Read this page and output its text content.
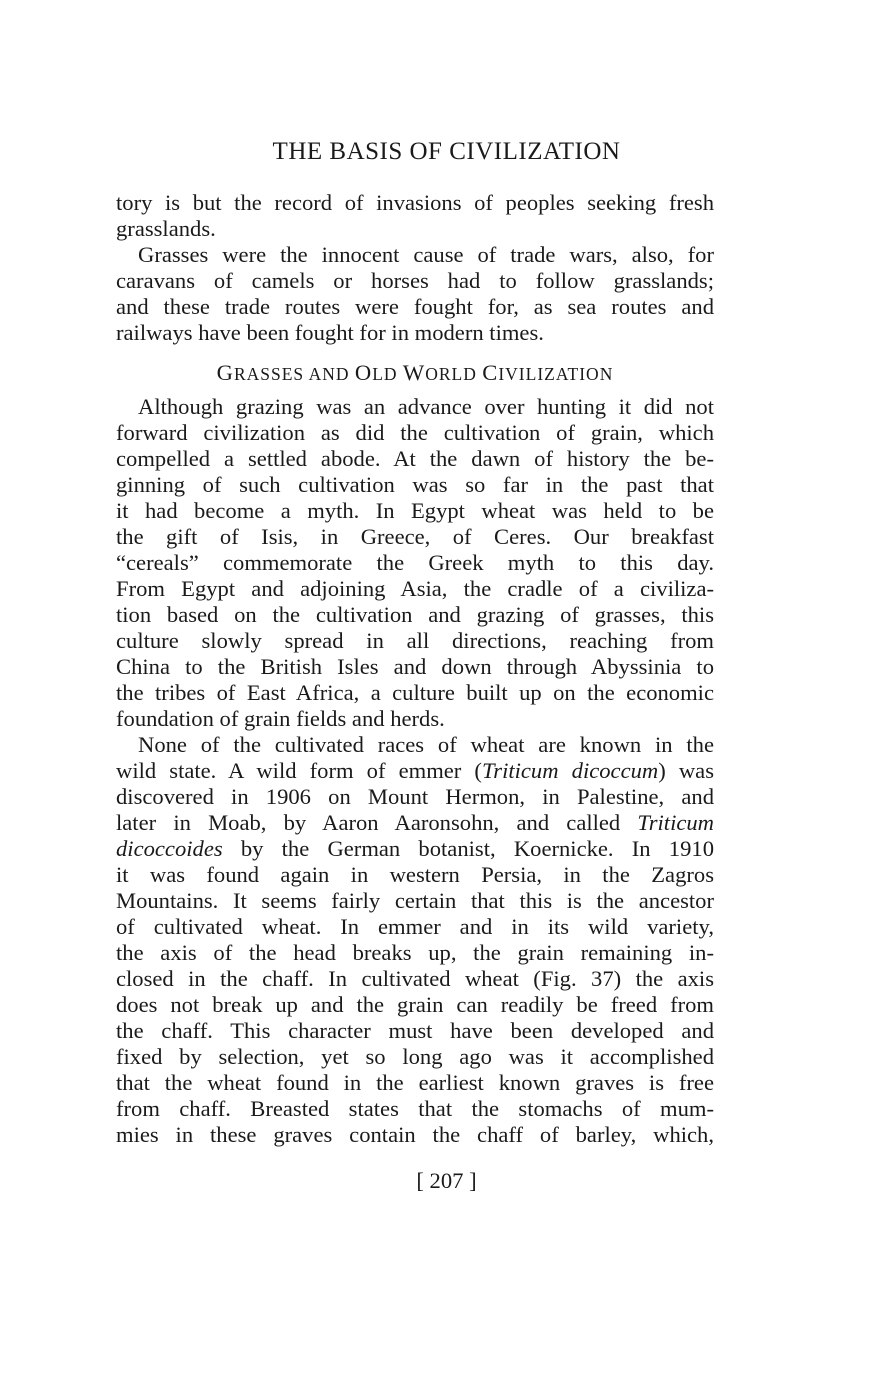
THE BASIS OF CIVILIZATION
tory is but the record of invasions of peoples seeking fresh
grasslands.
Grasses were the innocent cause of trade wars, also, for
caravans of camels or horses had to follow grasslands;
and these trade routes were fought for, as sea routes and
railways have been fought for in modern times.
GRASSES AND OLD WORLD CIVILIZATION
Although grazing was an advance over hunting it did not
forward civilization as did the cultivation of grain, which
compelled a settled abode. At the dawn of history the be-
ginning of such cultivation was so far in the past that
it had become a myth. In Egypt wheat was held to be
the gift of Isis, in Greece, of Ceres. Our breakfast
“cereals” commemorate the Greek myth to this day.
From Egypt and adjoining Asia, the cradle of a civiliza-
tion based on the cultivation and grazing of grasses, this
culture slowly spread in all directions, reaching from
China to the British Isles and down through Abyssinia to
the tribes of East Africa, a culture built up on the economic
foundation of grain fields and herds.
None of the cultivated races of wheat are known in the
wild state. A wild form of emmer (Triticum dicoccum) was
discovered in 1906 on Mount Hermon, in Palestine, and
later in Moab, by Aaron Aaronsohn, and called Triticum
dicoccoides by the German botanist, Koernicke. In 1910
it was found again in western Persia, in the Zagros
Mountains. It seems fairly certain that this is the ancestor
of cultivated wheat. In emmer and in its wild variety,
the axis of the head breaks up, the grain remaining in-
closed in the chaff. In cultivated wheat (Fig. 37) the axis
does not break up and the grain can readily be freed from
the chaff. This character must have been developed and
fixed by selection, yet so long ago was it accomplished
that the wheat found in the earliest known graves is free
from chaff. Breasted states that the stomachs of mum-
mies in these graves contain the chaff of barley, which,
[ 207 ]
